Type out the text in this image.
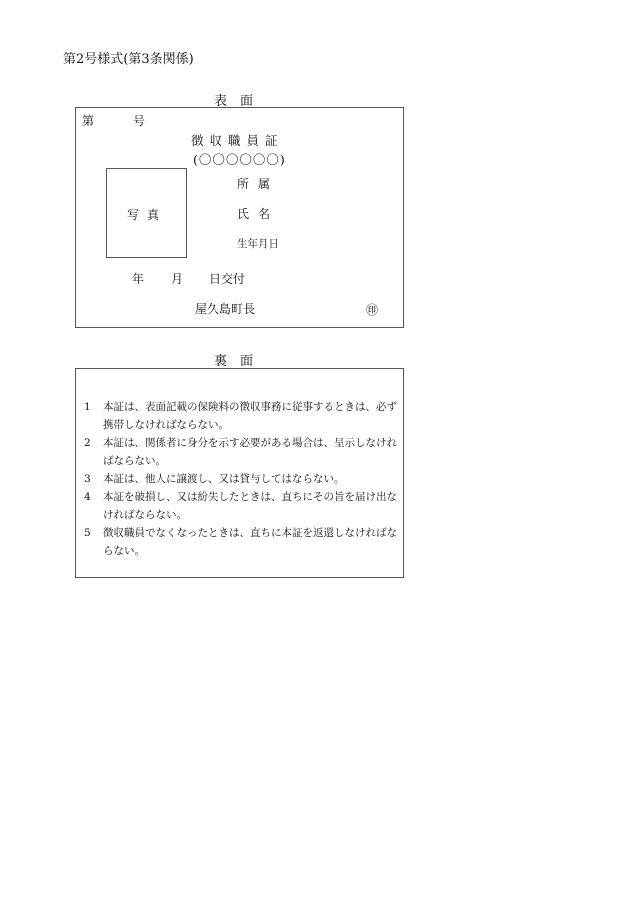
第2号様式(第3条関係)
表　面
第	号
徴収職員証
(〇〇〇〇〇〇)
写真
所属
氏名
生年月日
年 月 日交付
屋久島町長	㊞
裏　面

1 本証は、表面記載の保険料の徴収事務に従事するときは、必ず携帯しなければならない。

2 本証は、関係者に身分を示す必要がある場合は、呈示しなければならない。

3 本証は、他人に譲渡し、又は貸与してはならない。

4 本証を破損し、又は紛失したときは、直ちにその旨を届け出なければならない。

5 徴収職員でなくなったときは、直ちに本証を返還しなければならない。
